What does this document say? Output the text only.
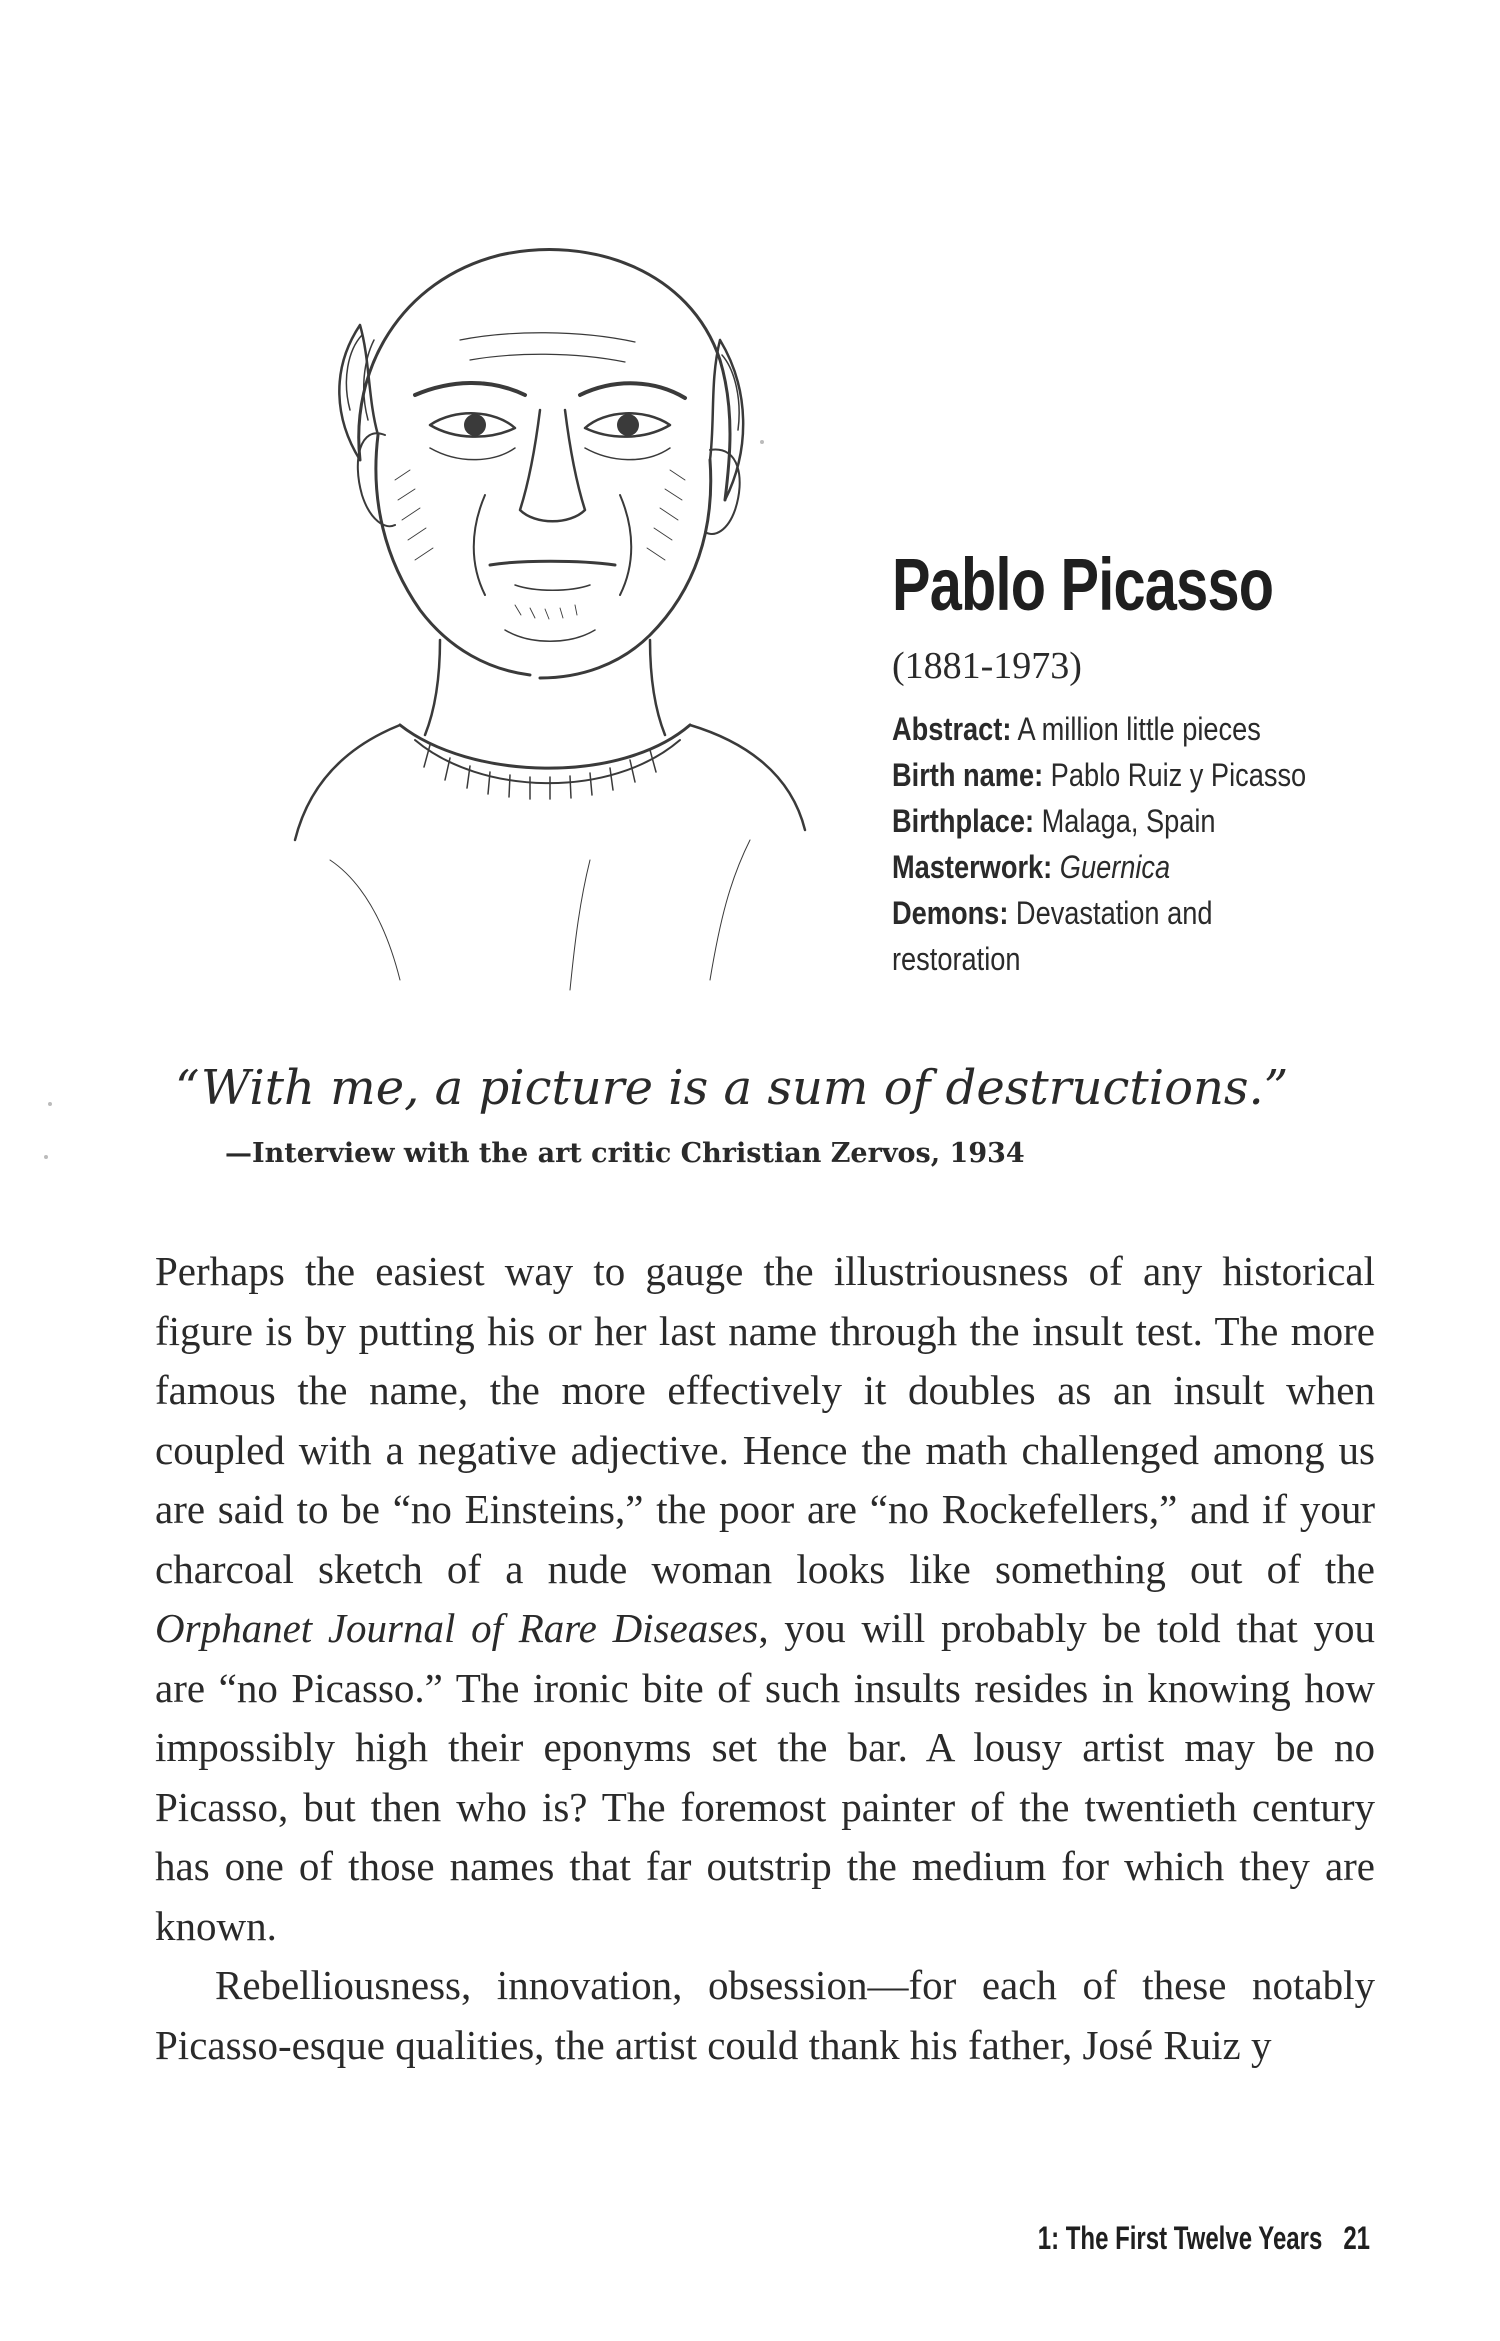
Pablo Picasso
(1881-1973)
Abstract: A million little pieces
Birth name: Pablo Ruiz y Picasso
Birthplace: Malaga, Spain
Masterwork: Guernica
Demons: Devastation and restoration
“With me, a picture is a sum of destructions.”
—Interview with the art critic Christian Zervos, 1934

Perhaps the easiest way to gauge the illustriousness of any historical figure is by putting his or her last name through the insult test. The more famous the name, the more effectively it doubles as an insult when coupled with a negative adjective. Hence the math challenged among us are said to be “no Einsteins,” the poor are “no Rockefellers,” and if your charcoal sketch of a nude woman looks like something out of the Orphanet Journal of Rare Diseases, you will probably be told that you are “no Picasso.” The ironic bite of such insults resides in knowing how impossibly high their eponyms set the bar. A lousy artist may be no Picasso, but then who is? The foremost painter of the twentieth century has one of those names that far outstrip the medium for which they are known.

Rebelliousness, innovation, obsession—for each of these notably Picasso-esque qualities, the artist could thank his father, José Ruiz y

1: The First Twelve Years 21
